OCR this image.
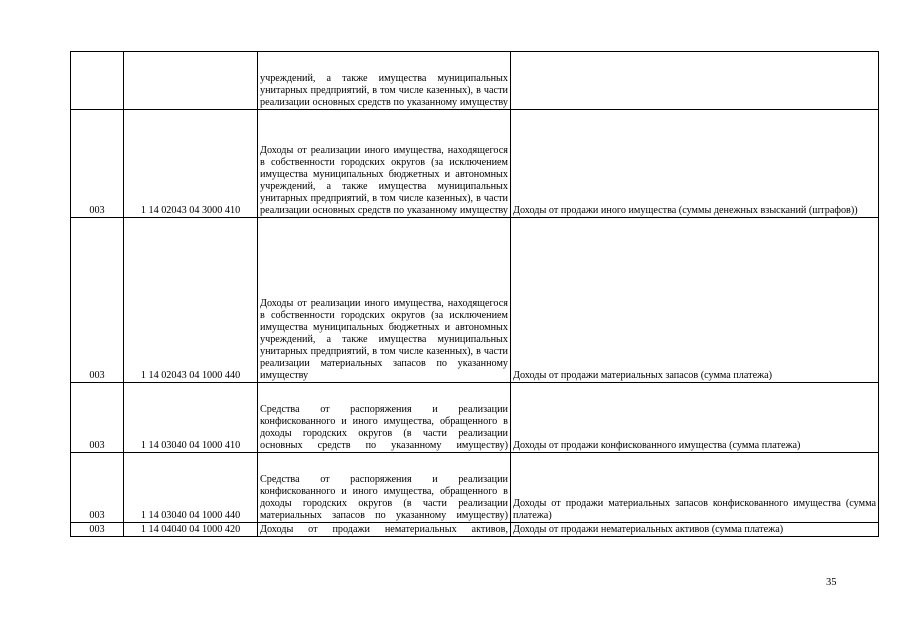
		учреждений, а также имущества муниципальных унитарных предприятий, в том числе казенных), в части реализации основных средств по указанному имуществу	
003	1 14 02043 04 3000 410	Доходы от реализации иного имущества, находящегося в собственности городских округов (за исключением имущества муниципальных бюджетных и автономных учреждений, а также имущества муниципальных унитарных предприятий, в том числе казенных), в части реализации основных средств по указанному имуществу	Доходы от продажи иного имущества (суммы денежных взысканий (штрафов))
003	1 14 02043 04 1000 440	Доходы от реализации иного имущества, находящегося в собственности городских округов (за исключением имущества муниципальных бюджетных и автономных учреждений, а также имущества муниципальных унитарных предприятий, в том числе казенных), в части реализации материальных запасов по указанному имуществу	Доходы от продажи материальных запасов (сумма платежа)
003	1 14 03040 04 1000 410	Средства от распоряжения и реализации конфискованного и иного имущества, обращенного в доходы городских округов (в части реализации основных средств по указанному имуществу)	Доходы от продажи конфискованного имущества (сумма платежа)
003	1 14 03040 04 1000 440	Средства от распоряжения и реализации конфискованного и иного имущества, обращенного в доходы городских округов (в части реализации материальных запасов по указанному имуществу)	Доходы от продажи материальных запасов конфискованного имущества (сумма платежа)
003	1 14 04040 04 1000 420	Доходы от продажи нематериальных активов,	Доходы от продажи нематериальных активов (сумма платежа)
35
